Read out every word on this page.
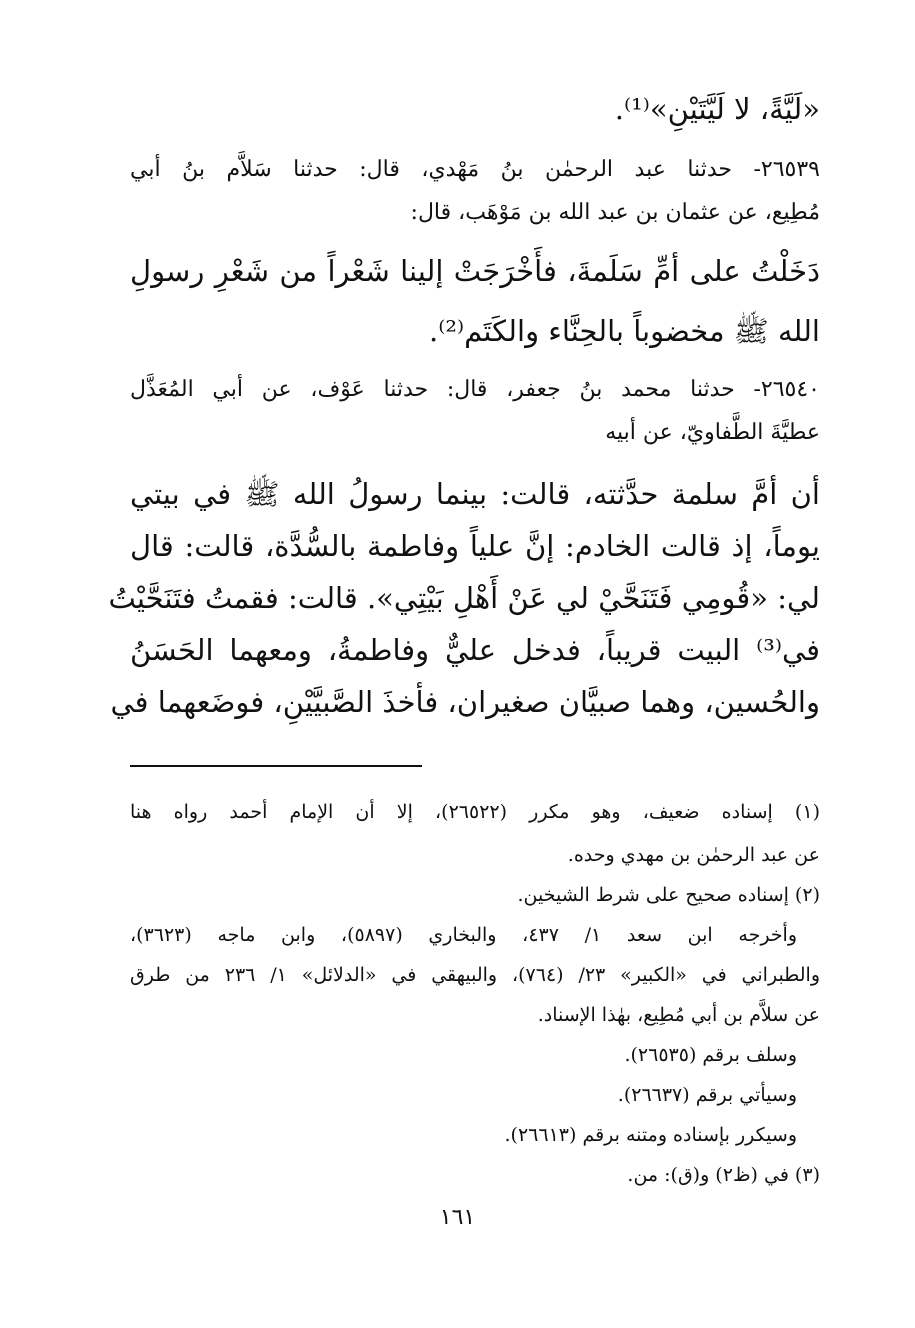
«لَيَّةً، لا لَيَّتَيْنِ»⁽¹⁾.
٢٦٥٣٩- حدثنا عبد الرحمٰن بنُ مَهْدي، قال: حدثنا سَلاَّم بنُ أبي
مُطِيع، عن عثمان بن عبد الله بن مَوْهَب، قال:
دَخَلْتُ على أمِّ سَلَمةَ، فأَخْرَجَتْ إلينا شَعْراً من شَعْرِ رسولِ
الله ﷺ مخضوباً بالحِنَّاء والكَتَم⁽²⁾.
٢٦٥٤٠- حدثنا محمد بنُ جعفر، قال: حدثنا عَوْف، عن أبي المُعَذَّل
عطيَّةَ الطَّفاويّ، عن أبيه
أن أمَّ سلمة حدَّثته، قالت: بينما رسولُ الله ﷺ في بيتي
يوماً، إذ قالت الخادم: إنَّ علياً وفاطمة بالسُّدَّة، قالت: قال
لي: «قُومِي فَتَنَحَّيْ لي عَنْ أَهْلِ بَيْتِي». قالت: فقمتُ فتَنَحَّيْتُ
في⁽³⁾ البيت قريباً، فدخل عليٌّ وفاطمةُ، ومعهما الحَسَنُ
والحُسين، وهما صبيَّان صغيران، فأخذَ الصَّبيَّيْنِ، فوضَعهما في
(١) إسناده ضعيف، وهو مكرر (٢٦٥٢٢)، إلا أن الإمام أحمد رواه هنا
عن عبد الرحمٰن بن مهدي وحده.
(٢) إسناده صحيح على شرط الشيخين.
وأخرجه ابن سعد ١/ ٤٣٧، والبخاري (٥٨٩٧)، وابن ماجه (٣٦٢٣)،
والطبراني في «الكبير» ٢٣/ (٧٦٤)، والبيهقي في «الدلائل» ١/ ٢٣٦ من طرق
عن سلاَّم بن أبي مُطِيع، بهٰذا الإسناد.
وسلف برقم (٢٦٥٣٥).
وسيأتي برقم (٢٦٦٣٧).
وسيكرر بإسناده ومتنه برقم (٢٦٦١٣).
(٣) في (ظ٢) و(ق): من.
١٦١
